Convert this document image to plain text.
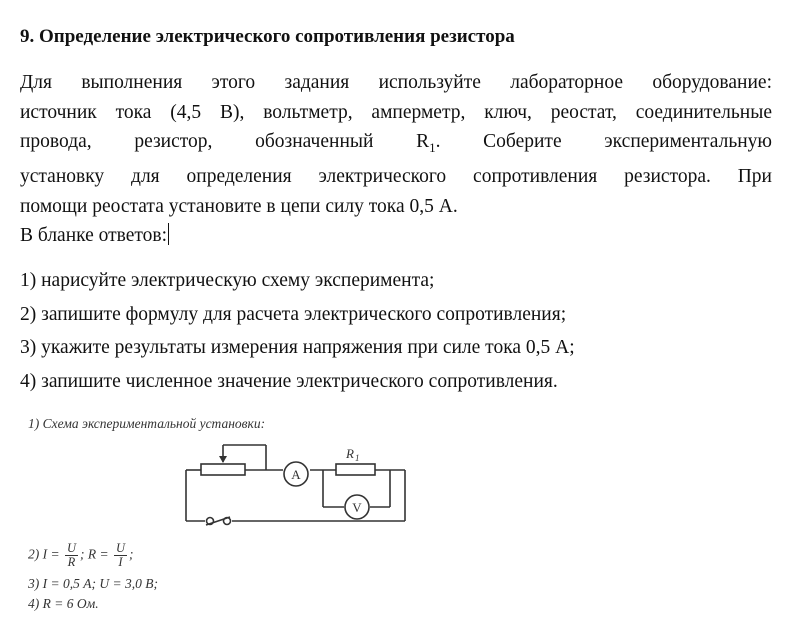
9. Определение электрического сопротивления резистора
Для выполнения этого задания используйте лабораторное оборудование:
источник тока (4,5 В), вольтметр, амперметр, ключ, реостат, соединительные
провода, резистор, обозначенный $R_1$. Соберите экспериментальную
установку для определения электрического сопротивления резистора. При
помощи реостата установите в цепи силу тока 0,5 А.
В бланке ответов:
1) нарисуйте электрическую схему эксперимента;
2) запишите формулу для расчета электрического сопротивления;
3) укажите результаты измерения напряжения при силе тока 0,5 А;
4) запишите численное значение электрического сопротивления.
1) Схема экспериментальной установки:
A
V
R 1
2) $I = \frac{U}{R}$ ; $R = \frac{U}{I}$ ;
3) I = 0,5 А; U = 3,0 В;
4) R = 6 Ом.
